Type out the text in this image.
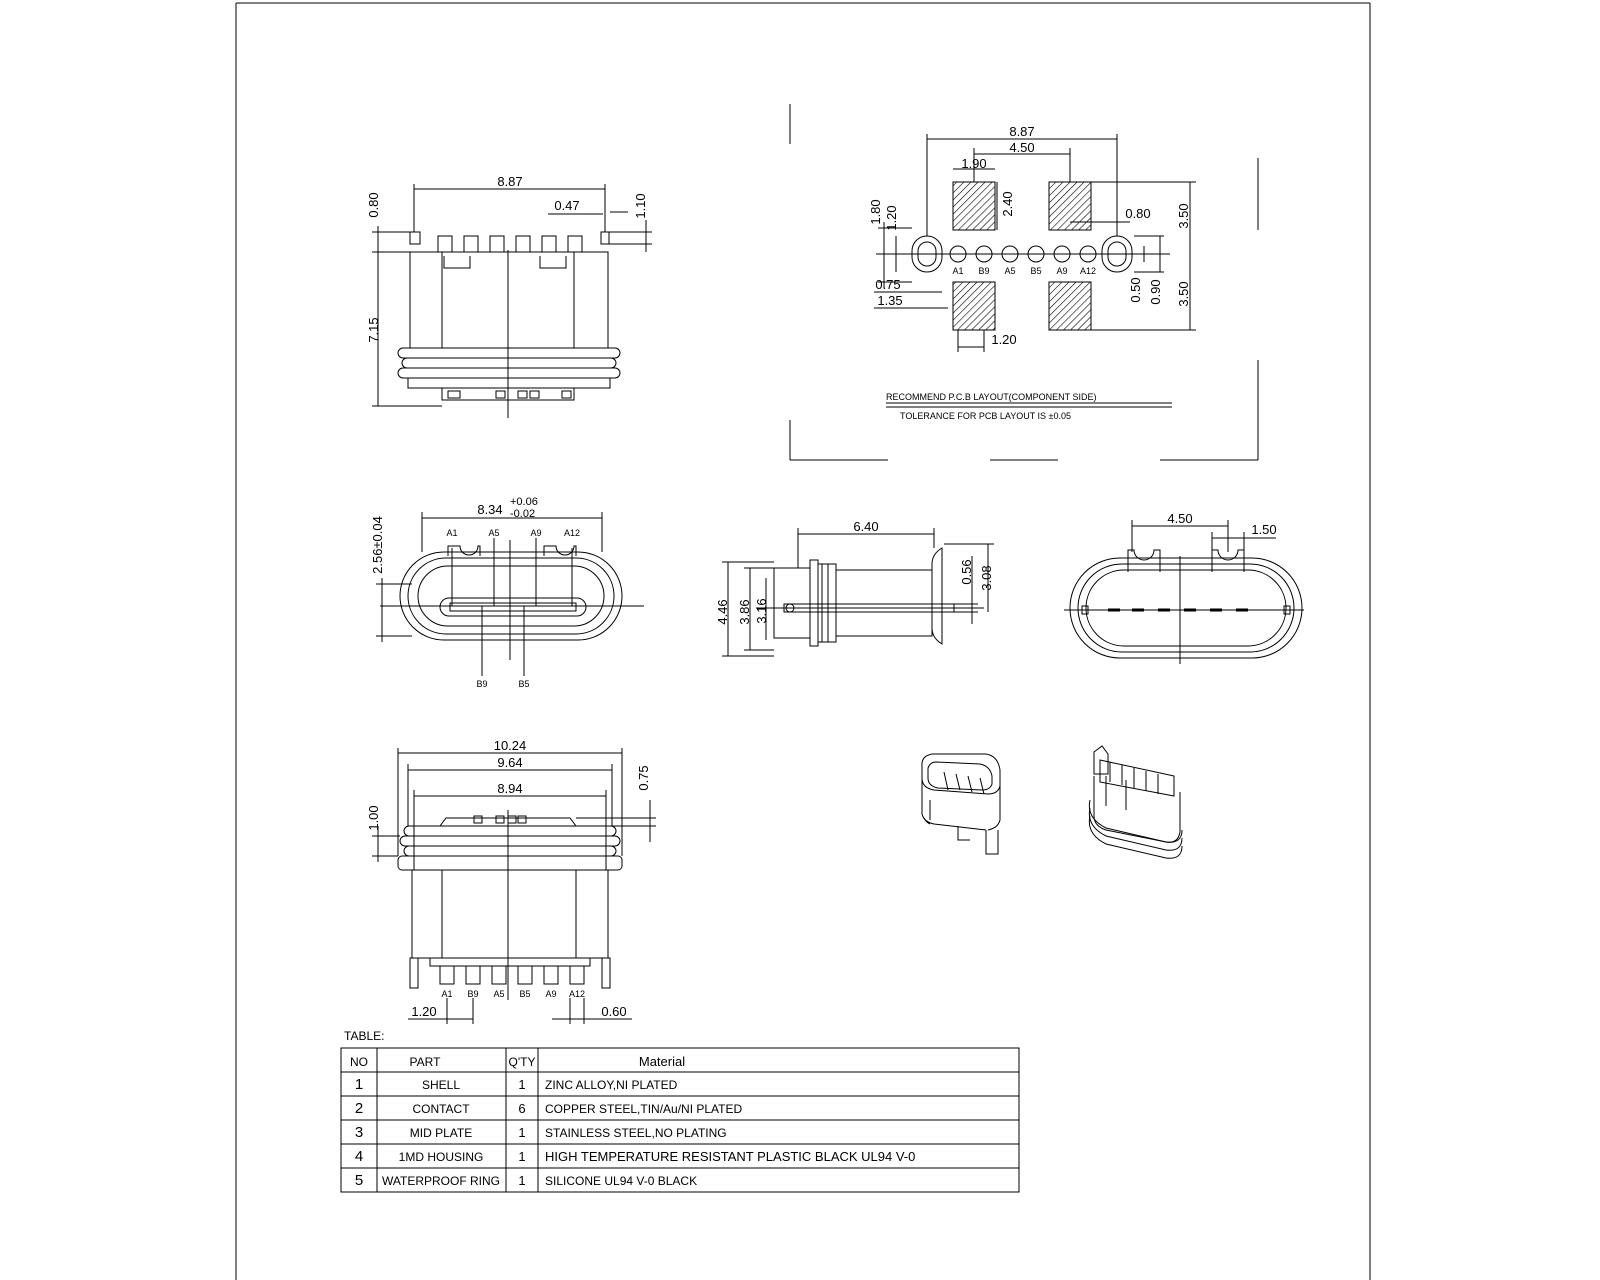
8.87
0.47	1.10
0.80
7.15
A1 B9 A5 B5 A9 A12
8.87
4.50
1.90
2.40	3.50
3.50
0.80
1.80 1.20
0.75
1.35	0.50 0.90
1.20
RECOMMEND P.C.B LAYOUT(COMPONENT SIDE)
TOLERANCE FOR PCB LAYOUT IS ±0.05
8.34 +0.06
-0.02
2.56±0.04	A1	A5	A9 A12
B9	B5
6.40
4.46 3.86 3.16
0.56 3.08
4.50
1.50
A1 B9 A5 B5 A9 A12
10.24
9.64
8.94	0.75
1.00
1.20	0.60
TABLE:
NO	PART	Q'TY	Material
1	SHELL	1 ZINC ALLOY,NI PLATED
2	CONTACT	6 COPPER STEEL,TIN/Au/NI PLATED
3	MID PLATE	1 STAINLESS STEEL,NO PLATING
4	1MD HOUSING	1 HIGH TEMPERATURE RESISTANT PLASTIC BLACK UL94 V-0
5 WATERPROOF RING 1 SILICONE UL94 V-0 BLACK
